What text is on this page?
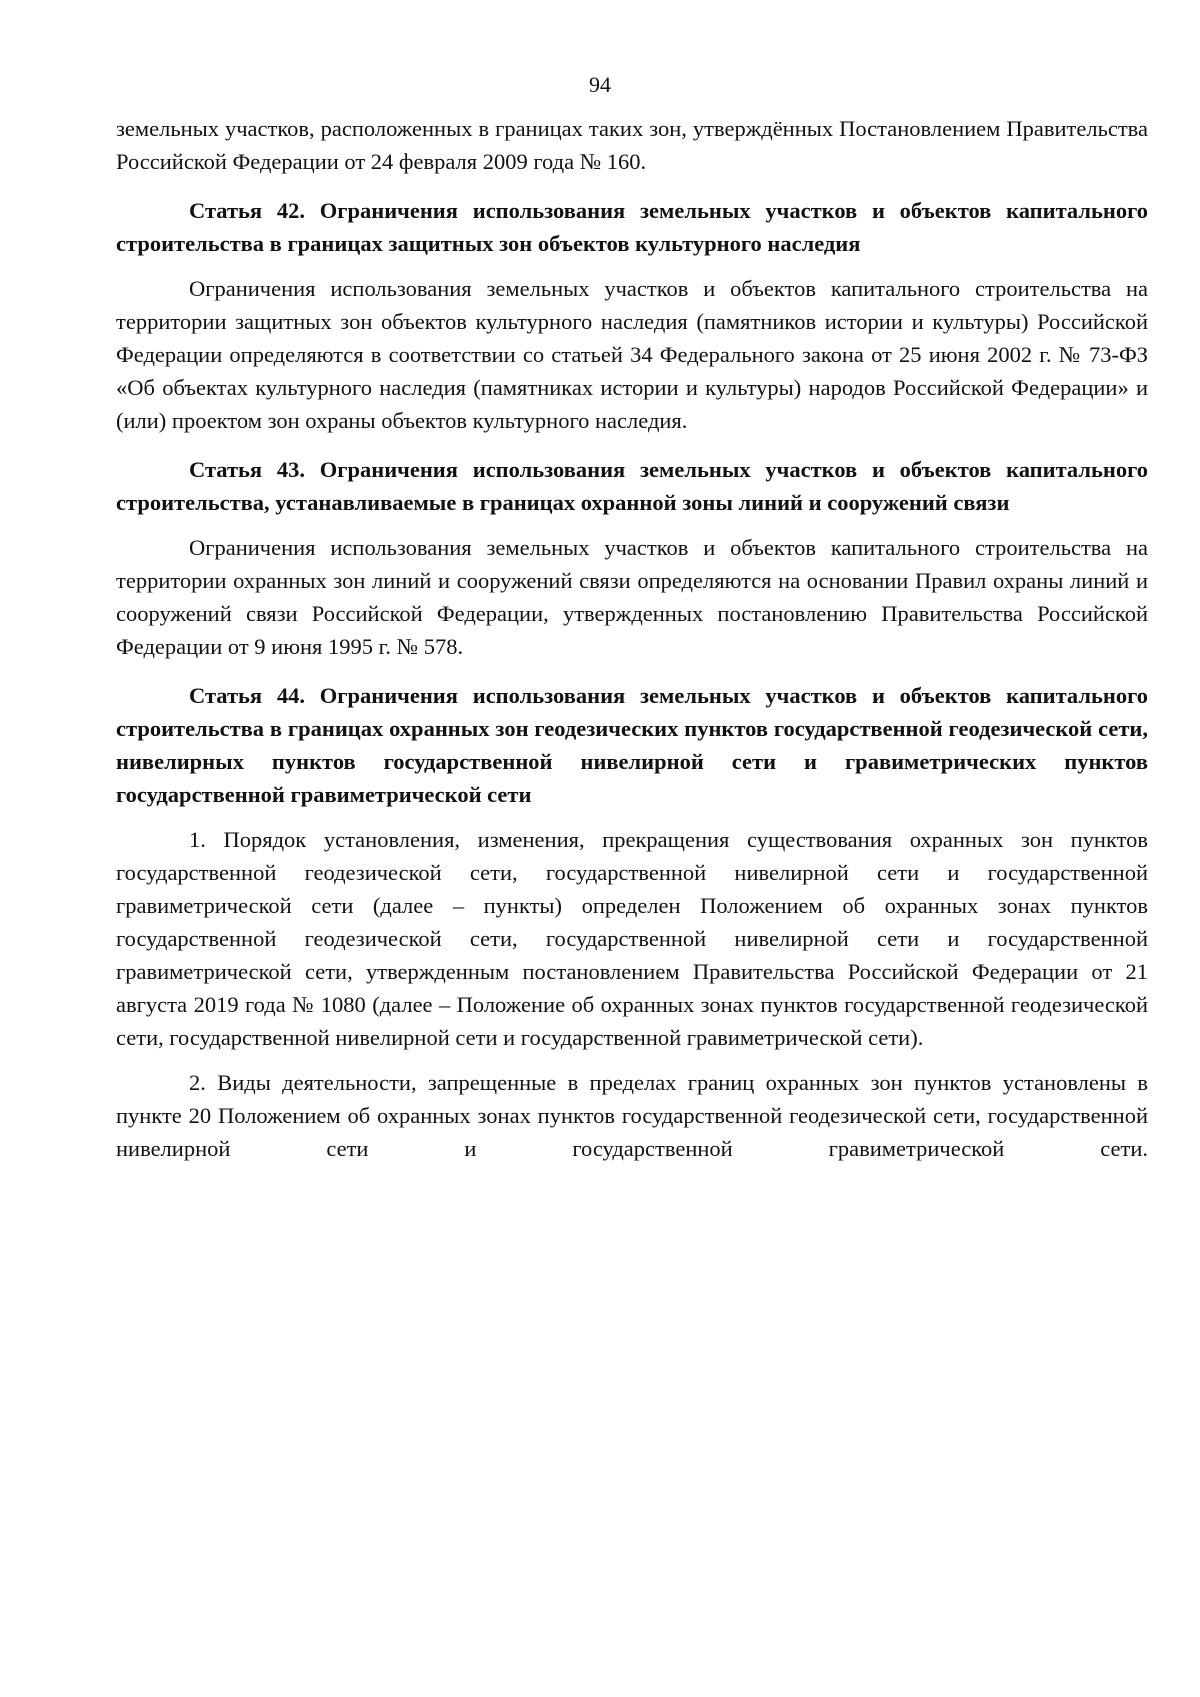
94

земельных участков, расположенных в границах таких зон, утверждённых Постановлением Правительства Российской Федерации от 24 февраля 2009 года № 160.

Статья 42. Ограничения использования земельных участков и объектов капитального строительства в границах защитных зон объектов культурного наследия

Ограничения использования земельных участков и объектов капитального строительства на территории защитных зон объектов культурного наследия (памятников истории и культуры) Российской Федерации определяются в соответствии со статьей 34 Федерального закона от 25 июня 2002 г. № 73-ФЗ «Об объектах культурного наследия (памятниках истории и культуры) народов Российской Федерации» и (или) проектом зон охраны объектов культурного наследия.

Статья 43. Ограничения использования земельных участков и объектов капитального строительства, устанавливаемые в границах охранной зоны линий и сооружений связи

Ограничения использования земельных участков и объектов капитального строительства на территории охранных зон линий и сооружений связи определяются на основании Правил охраны линий и сооружений связи Российской Федерации, утвержденных постановлению Правительства Российской Федерации от 9 июня 1995 г. № 578.

Статья 44. Ограничения использования земельных участков и объектов капитального строительства в границах охранных зон геодезических пунктов государственной геодезической сети, нивелирных пунктов государственной нивелирной сети и гравиметрических пунктов государственной гравиметрической сети

1. Порядок установления, изменения, прекращения существования охранных зон пунктов государственной геодезической сети, государственной нивелирной сети и государственной гравиметрической сети (далее – пункты) определен Положением об охранных зонах пунктов государственной геодезической сети, государственной нивелирной сети и государственной гравиметрической сети, утвержденным постановлением Правительства Российской Федерации от 21 августа 2019 года № 1080 (далее – Положение об охранных зонах пунктов государственной геодезической сети, государственной нивелирной сети и государственной гравиметрической сети).

2. Виды деятельности, запрещенные в пределах границ охранных зон пунктов установлены в пункте 20 Положением об охранных зонах пунктов государственной геодезической сети, государственной нивелирной сети и государственной гравиметрической сети.
